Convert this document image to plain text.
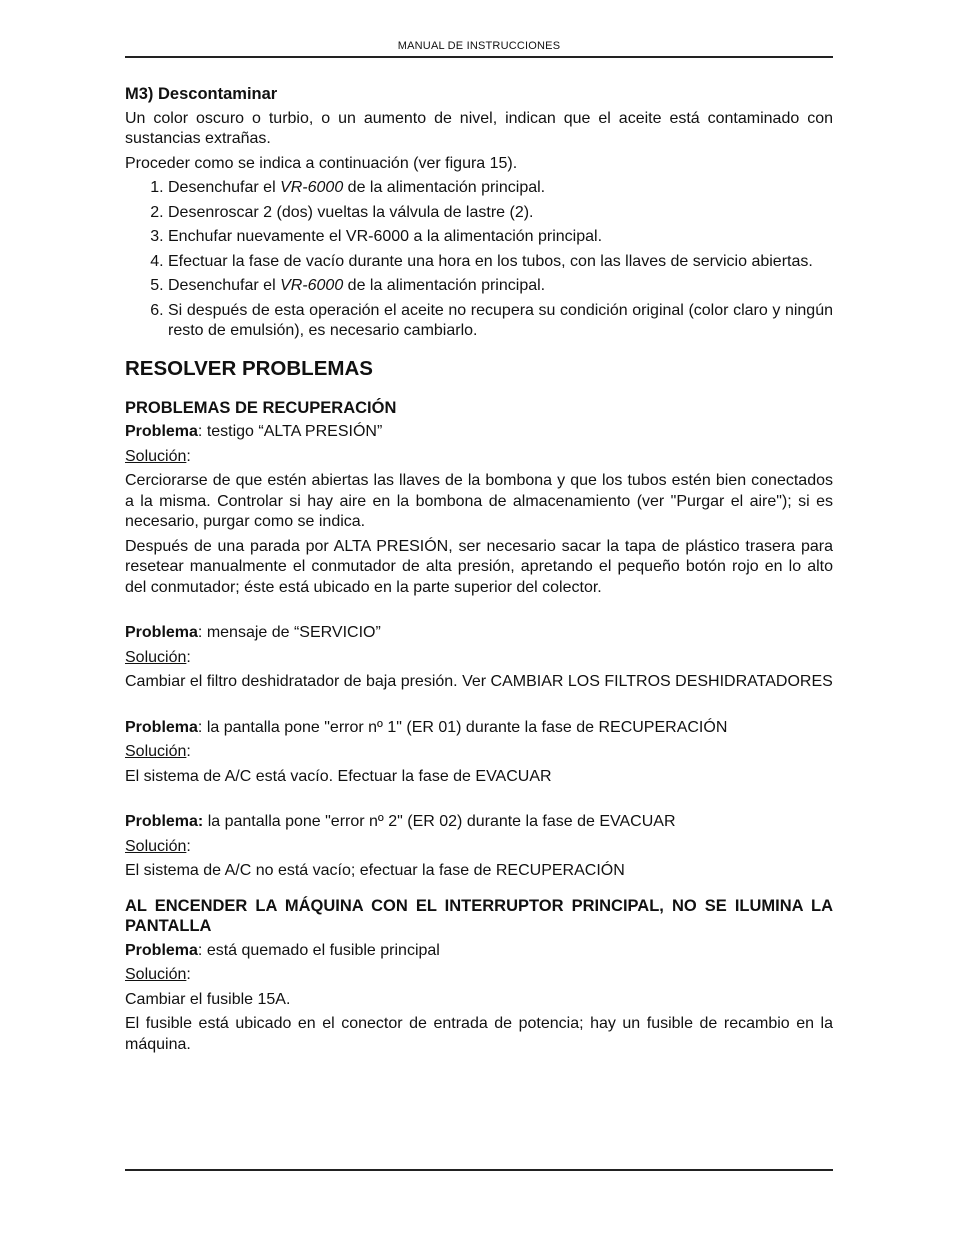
MANUAL DE INSTRUCCIONES

M3) Descontaminar

Un color oscuro o turbio, o un aumento de nivel, indican que el aceite está contaminado con sustancias extrañas.

Proceder como se indica a continuación (ver figura 15).

1. Desenchufar el VR-6000 de la alimentación principal.
2. Desenroscar 2 (dos) vueltas la válvula de lastre (2).
3. Enchufar nuevamente el VR-6000 a la alimentación principal.
4. Efectuar la fase de vacío durante una hora en los tubos, con las llaves de servicio abiertas.
5. Desenchufar el VR-6000 de la alimentación principal.
6. Si después de esta operación el aceite no recupera su condición original (color claro y ningún resto de emulsión), es necesario cambiarlo.
RESOLVER PROBLEMAS

PROBLEMAS DE RECUPERACIÓN

Problema: testigo “ALTA PRESIÓN”

Solución:

Cerciorarse de que estén abiertas las llaves de la bombona y que los tubos estén bien conectados a la misma. Controlar si hay aire en la bombona de almacenamiento (ver "Purgar el aire"); si es necesario, purgar como se indica.

Después de una parada por ALTA PRESIÓN, ser necesario sacar la tapa de plástico trasera para resetear manualmente el conmutador de alta presión, apretando el pequeño botón rojo en lo alto del conmutador; éste está ubicado en la parte superior del colector.

Problema: mensaje de “SERVICIO”

Solución:

Cambiar el filtro deshidratador de baja presión. Ver CAMBIAR LOS FILTROS DESHIDRATADORES

Problema: la pantalla pone "error nº 1" (ER 01) durante la fase de RECUPERACIÓN

Solución:

El sistema de A/C está vacío. Efectuar la fase de EVACUAR

Problema: la pantalla pone "error nº 2" (ER 02) durante la fase de EVACUAR

Solución:

El sistema de A/C no está vacío; efectuar la fase de RECUPERACIÓN

AL ENCENDER LA MÁQUINA CON EL INTERRUPTOR PRINCIPAL, NO SE ILUMINA LA PANTALLA

Problema: está quemado el fusible principal

Solución:

Cambiar el fusible 15A.

El fusible está ubicado en el conector de entrada de potencia; hay un fusible de recambio en la máquina.
